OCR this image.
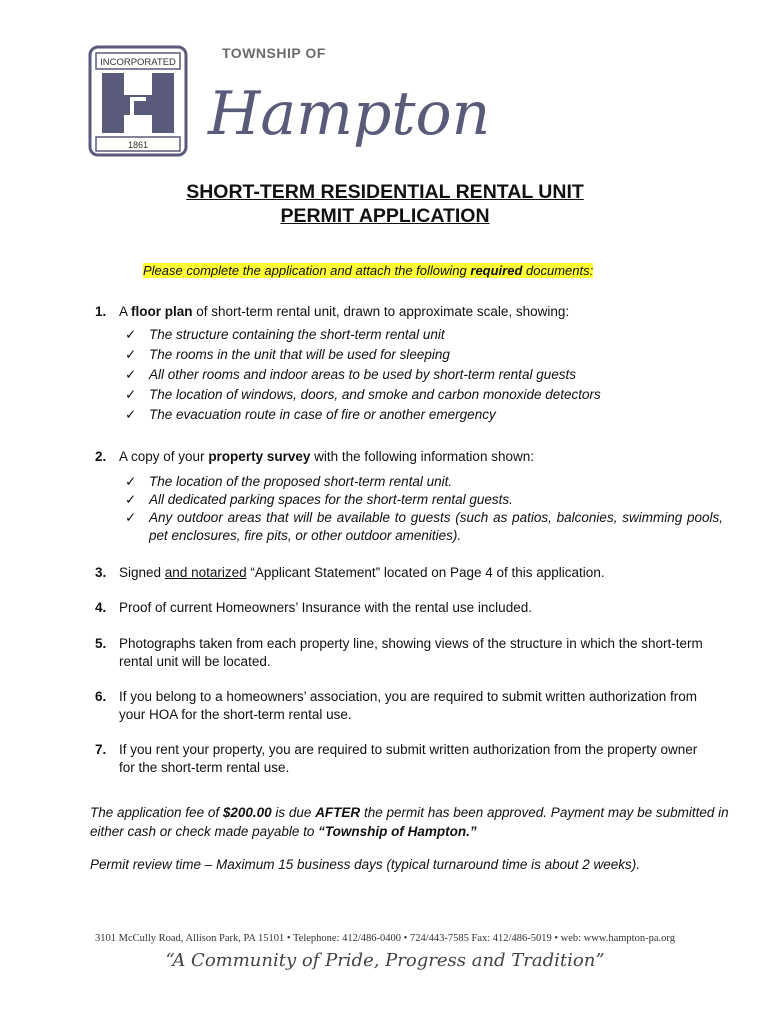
INCORPORATED
1861
TOWNSHIP OF
Hampton
SHORT-TERM RESIDENTIAL RENTAL UNIT
PERMIT APPLICATION
Please complete the application and attach the following required documents:
1. A floor plan of short-term rental unit, drawn to approximate scale, showing:
✓ The structure containing the short-term rental unit
✓ The rooms in the unit that will be used for sleeping
✓ All other rooms and indoor areas to be used by short-term rental guests
✓ The location of windows, doors, and smoke and carbon monoxide detectors
✓ The evacuation route in case of fire or another emergency
2. A copy of your property survey with the following information shown:
✓ The location of the proposed short-term rental unit.
✓ All dedicated parking spaces for the short-term rental guests.
✓ Any outdoor areas that will be available to guests (such as patios, balconies, swimming pools, pet enclosures, fire pits, or other outdoor amenities).
3. Signed and notarized “Applicant Statement” located on Page 4 of this application.
4. Proof of current Homeowners’ Insurance with the rental use included.
5. Photographs taken from each property line, showing views of the structure in which the short-term rental unit will be located.
6. If you belong to a homeowners’ association, you are required to submit written authorization from your HOA for the short-term rental use.
7. If you rent your property, you are required to submit written authorization from the property owner for the short-term rental use.
The application fee of $200.00 is due AFTER the permit has been approved. Payment may be submitted in either cash or check made payable to “Township of Hampton.”
Permit review time – Maximum 15 business days (typical turnaround time is about 2 weeks).
3101 McCully Road, Allison Park, PA 15101 • Telephone: 412/486-0400 • 724/443-7585 Fax: 412/486-5019 • web: www.hampton-pa.org
“A Community of Pride, Progress and Tradition”
